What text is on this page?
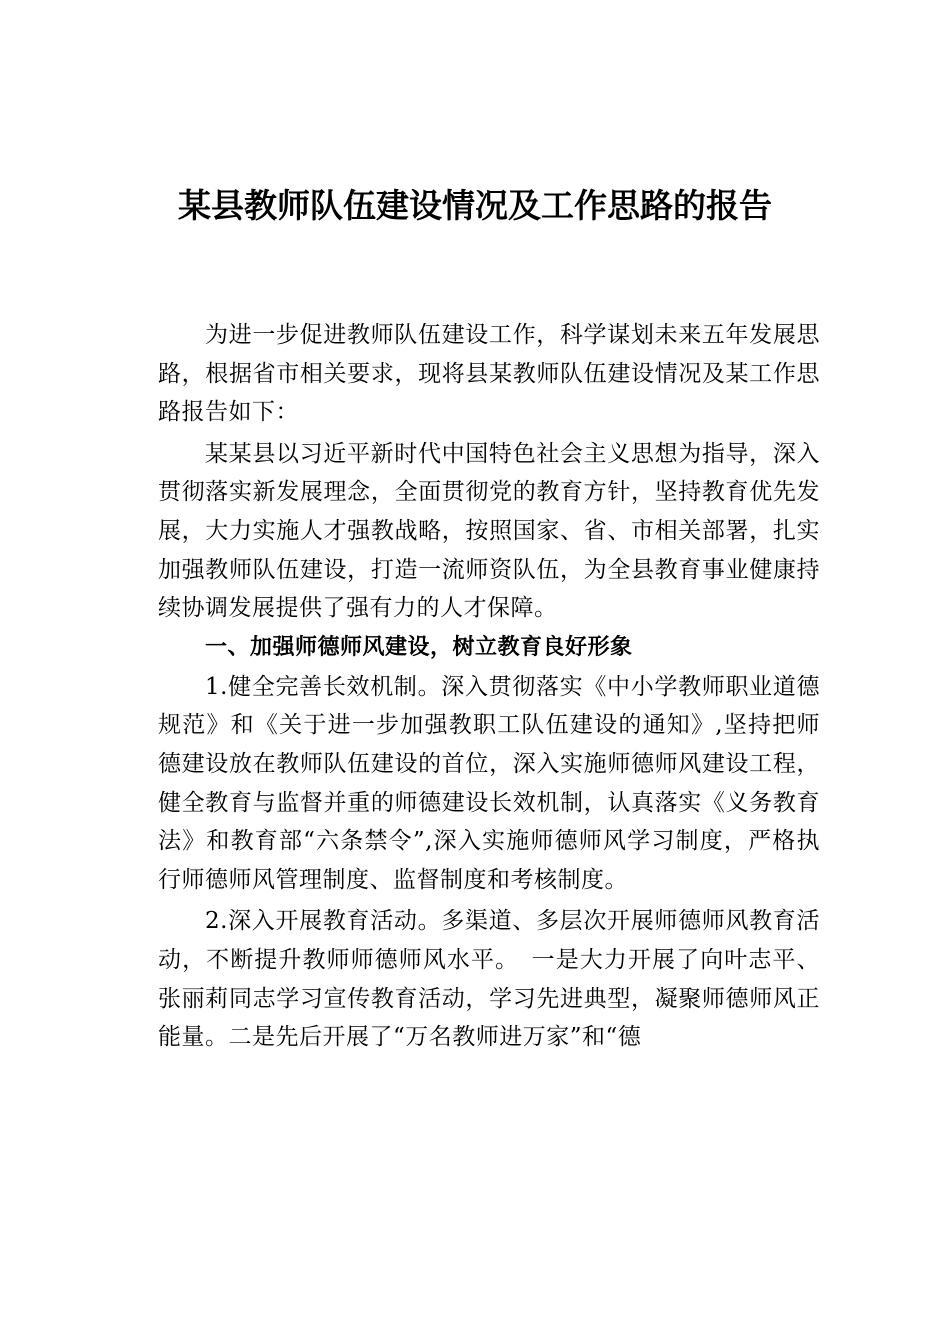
某县教师队伍建设情况及工作思路的报告

为进一步促进教师队伍建设工作，科学谋划未来五年发展思路，根据省市相关要求，现将县某教师队伍建设情况及某工作思路报告如下：

某某县以习近平新时代中国特色社会主义思想为指导，深入贯彻落实新发展理念，全面贯彻党的教育方针，坚持教育优先发展，大力实施人才强教战略，按照国家、省、市相关部署，扎实加强教师队伍建设，打造一流师资队伍，为全县教育事业健康持续协调发展提供了强有力的人才保障。

一、加强师德师风建设，树立教育良好形象

1.健全完善长效机制。深入贯彻落实《中小学教师职业道德规范》和《关于进一步加强教职工队伍建设的通知》,坚持把师德建设放在教师队伍建设的首位，深入实施师德师风建设工程，健全教育与监督并重的师德建设长效机制，认真落实《义务教育法》和教育部“六条禁令”,深入实施师德师风学习制度，严格执行师德师风管理制度、监督制度和考核制度。

2.深入开展教育活动。多渠道、多层次开展师德师风教育活动，不断提升教师师德师风水平。　一是大力开展了向叶志平、张丽莉同志学习宣传教育活动，学习先进典型，凝聚师德师风正能量。二是先后开展了“万名教师进万家”和“德
